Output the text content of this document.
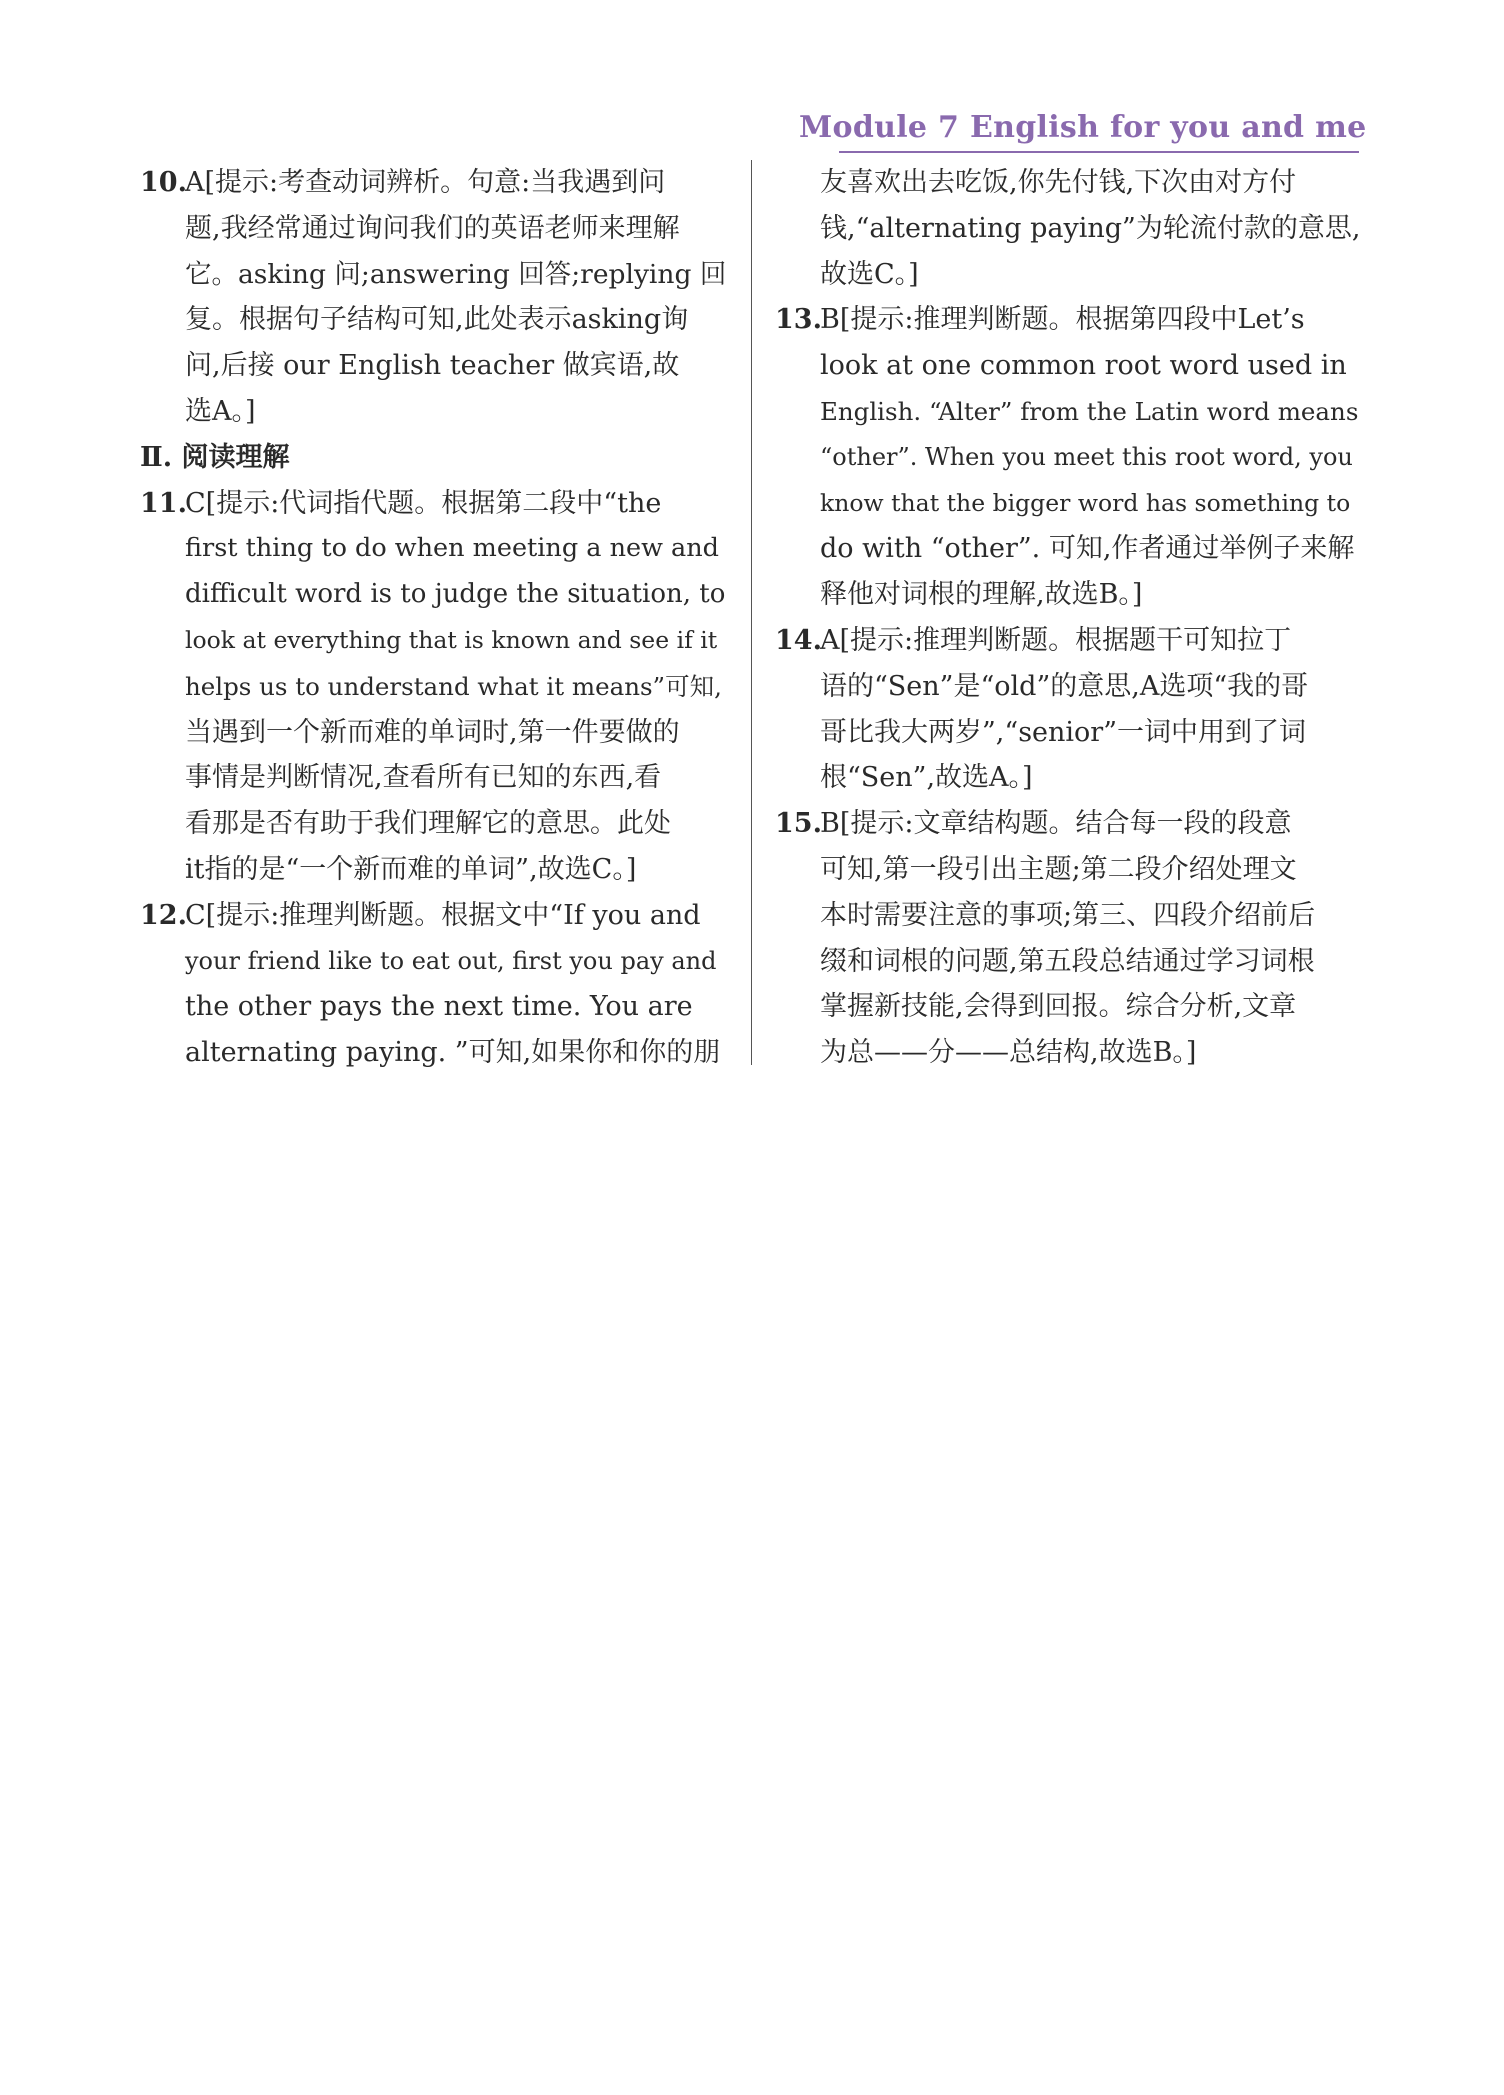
Module 7 English for you and me
10.A[提示:考查动词辨析。句意:当我遇到问
题,我经常通过询问我们的英语老师来理解
它。asking 问;answering 回答;replying 回
复。根据句子结构可知,此处表示asking询
问,后接 our English teacher 做宾语,故
选A。]
Ⅱ. 阅读理解
11.C[提示:代词指代题。根据第二段中“the
first thing to do when meeting a new and
difficult word is to judge the situation, to
look at everything that is known and see if it
helps us to understand what it means”可知,
当遇到一个新而难的单词时,第一件要做的
事情是判断情况,查看所有已知的东西,看
看那是否有助于我们理解它的意思。此处
it指的是“一个新而难的单词”,故选C。]
12.C[提示:推理判断题。根据文中“If you and
your friend like to eat out, first you pay and
the other pays the next time. You are
alternating paying. ”可知,如果你和你的朋
友喜欢出去吃饭,你先付钱,下次由对方付
钱,“alternating paying”为轮流付款的意思,
故选C。]
13.B[提示:推理判断题。根据第四段中Let’s
look at one common root word used in
English. “Alter” from the Latin word means
“other”. When you meet this root word, you
know that the bigger word has something to
do with “other”. 可知,作者通过举例子来解
释他对词根的理解,故选B。]
14.A[提示:推理判断题。根据题干可知拉丁
语的“Sen”是“old”的意思,A选项“我的哥
哥比我大两岁”,“senior”一词中用到了词
根“Sen”,故选A。]
15.B[提示:文章结构题。结合每一段的段意
可知,第一段引出主题;第二段介绍处理文
本时需要注意的事项;第三、四段介绍前后
缀和词根的问题,第五段总结通过学习词根
掌握新技能,会得到回报。综合分析,文章
为总——分——总结构,故选B。]
